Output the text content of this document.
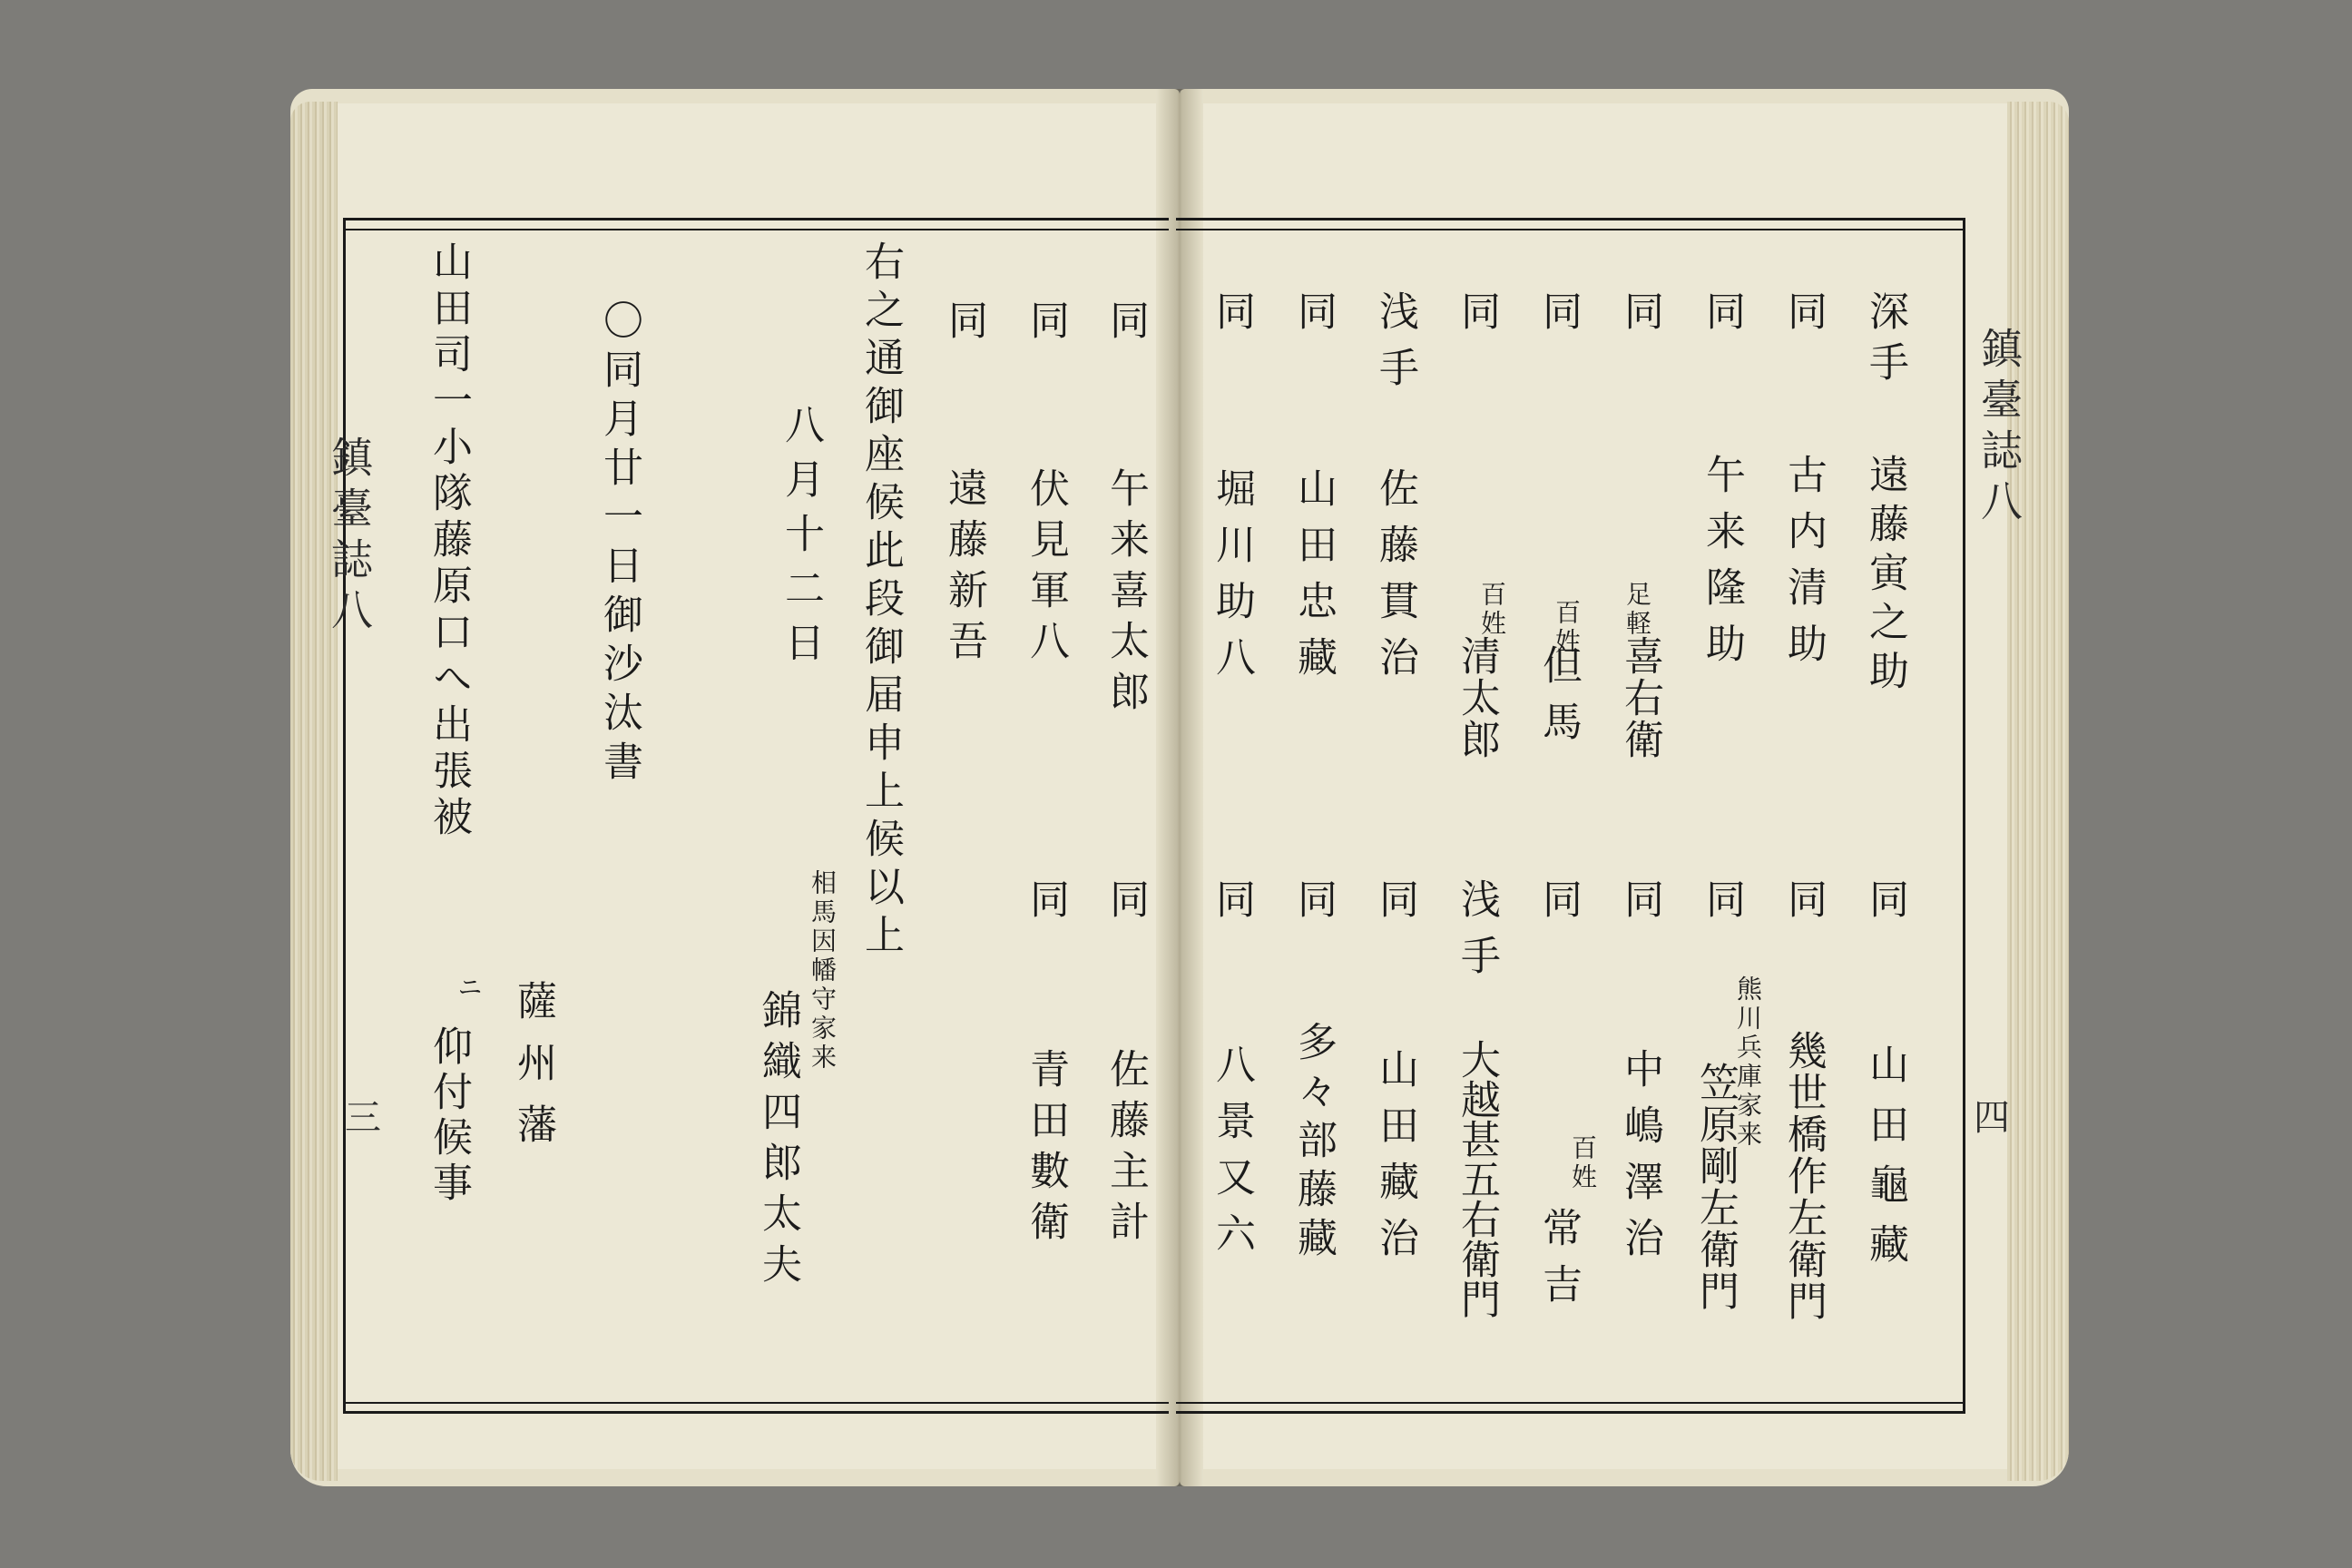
鎮臺誌八
三
鎮臺誌八
四
同
午来喜太郎
同
佐藤主計
同
伏見軍八
同
青田數衛
同
遠藤新吾
右之通御座候此段御届申上候以上
八月十二日
相馬因幡守家来
錦織四郎太夫
〇同月廿一日御沙汰書
薩州藩
山田司一小隊藤原口へ出張被
ニ
仰付候事
深手
遠藤寅之助
同
山田龜藏
同
古内清助
同
幾世橋作左衛門
同
午来隆助
同
熊川兵庫家来
笠原剛左衛門
同
足軽
喜右衛
同
中嶋澤治
同
百姓
但馬
同
百姓
常吉
同
百姓
清太郎
浅手
大越甚五右衛門
浅手
佐藤貫治
同
山田藏治
同
山田忠藏
同
多々部藤藏
同
堀川助八
同
八景又六
